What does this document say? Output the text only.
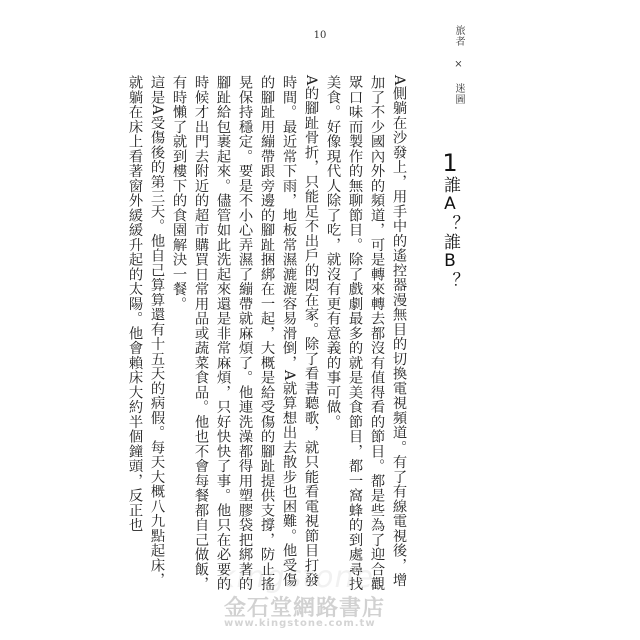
10	旅者 × 迷圖
1
誰A？誰B？

A側躺在沙發上，用手中的遙控器漫無目的切換電視頻道。有了有線電視後，增加了不少國內外的頻道，可是轉來轉去都沒有值得看的節目。都是些為了迎合觀眾口味而製作的無聊節目。除了戲劇最多的就是美食節目，都一窩蜂的到處尋找美食。好像現代人除了吃，就沒有更有意義的事可做。

A的腳趾骨折，只能足不出戶的悶在家。除了看書聽歌，就只能看電視節目打發時間。最近常下雨，地板常濕漉漉容易滑倒，A就算想出去散步也困難。他受傷的腳趾用繃帶跟旁邊的腳趾捆綁在一起，大概是給受傷的腳趾提供支撐，防止搖晃保持穩定。要是不小心弄濕了繃帶就麻煩了。他連洗澡都得用塑膠袋把綁著的腳趾給包裹起來。儘管如此洗起來還是非常麻煩，只好快快了事。他只在必要的時候才出門去附近的超市購買日常用品或蔬菜食品。他也不會每餐都自己做飯，有時懶了就到樓下的食園解決一餐。

這是A受傷後的第三天。他自己算算還有十五天的病假。每天大概八九點起床，就躺在床上看著窗外緩緩升起的太陽。他會賴床大約半個鐘頭，反正也

kingstone
金石堂網路書店
www.kingstone.com.tw
